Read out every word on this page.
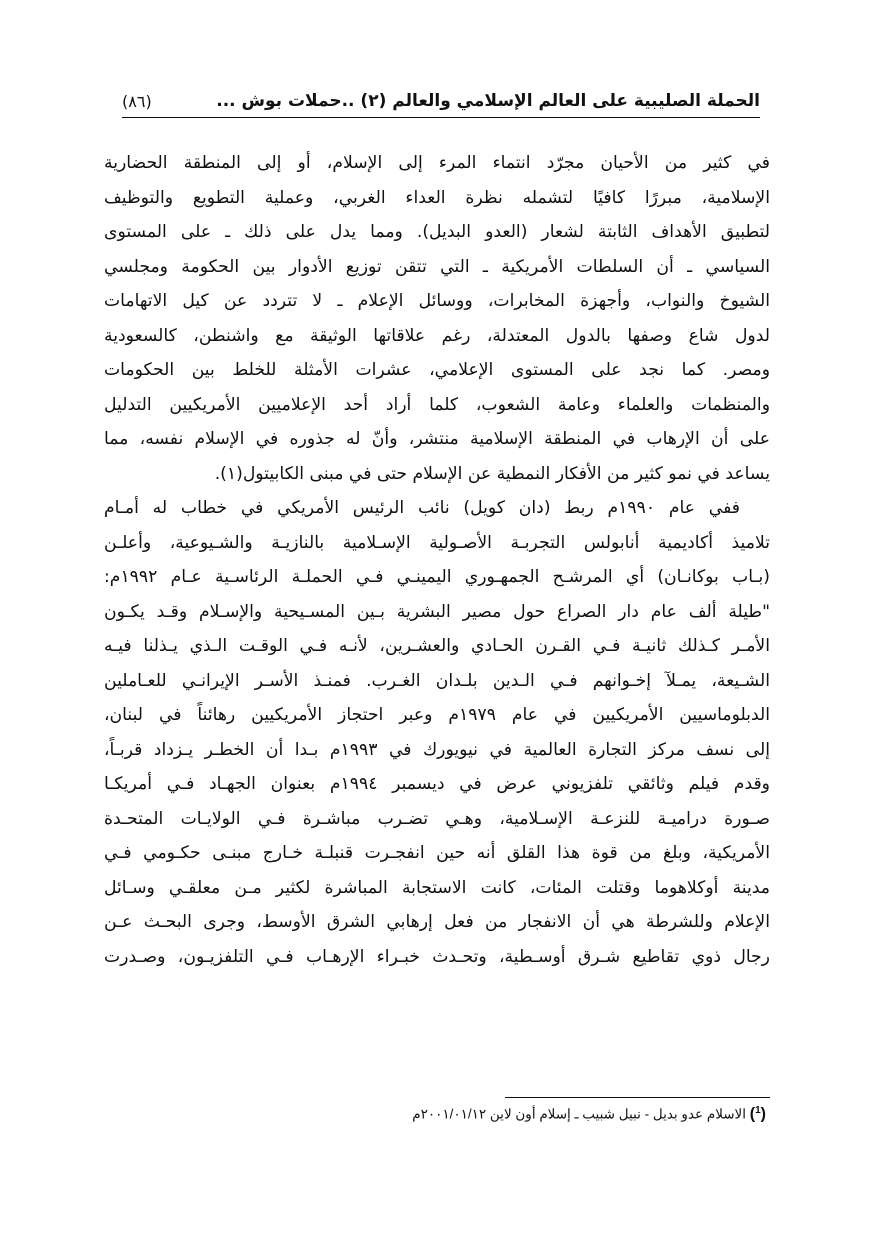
الحملة الصليبية على العالم الإسلامي والعالم (٢) ..حملات بوش ...
(٨٦)
في كثير من الأحيان مجرّد انتماء المرء إلى الإسلام، أو إلى المنطقة الحضارية
الإسلامية، مبررًا كافيًا لتشمله نظرة العداء الغربي، وعملية التطويع والتوظيف
لتطبيق الأهداف الثابتة لشعار (العدو البديل). ومما يدل على ذلك ـ على المستوى
السياسي ـ أن السلطات الأمريكية ـ التي تتقن توزيع الأدوار بين الحكومة ومجلسي
الشيوخ والنواب، وأجهزة المخابرات، ووسائل الإعلام ـ لا تتردد عن كيل الاتهامات
لدول شاع وصفها بالدول المعتدلة، رغم علاقاتها الوثيقة مع واشنطن، كالسعودية
ومصر. كما نجد على المستوى الإعلامي، عشرات الأمثلة للخلط بين الحكومات
والمنظمات والعلماء وعامة الشعوب، كلما أراد أحد الإعلاميين الأمريكيين التدليل
على أن الإرهاب في المنطقة الإسلامية منتشر، وأنّ له جذوره في الإسلام نفسه، مما
يساعد في نمو كثير من الأفكار النمطية عن الإسلام حتى في مبنى الكابيتول(١).
ففي عام ١٩٩٠م ربط (دان كويل) نائب الرئيس الأمريكي في خطاب له أمـام
تلاميذ أكاديمية أنابولس التجربـة الأصـولية الإسـلامية بالنازيـة والشـيوعية، وأعلـن
(بـاب بوكانـان) أي المرشـح الجمهـوري اليمينـي فـي الحملـة الرئاسـية عـام ١٩٩٢م:
"طيلة ألف عام دار الصراع حول مصير البشرية بـين المسـيحية والإسـلام وقـد يكـون
الأمـر كـذلك ثانيـة فـي القـرن الحـادي والعشـرين، لأنـه فـي الوقـت الـذي يـذلنا فيـه
الشـيعة، يمـلآ إخـوانهم فـي الـدين بلـدان الغـرب. فمنـذ الأسـر الإيرانـي للعـاملين
الدبلوماسيين الأمريكيين في عام ١٩٧٩م وعبر احتجاز الأمريكيين رهائناً في لبنان،
إلى نسف مركز التجارة العالمية في نيويورك في ١٩٩٣م بـدا أن الخطـر يـزداد قربـاً،
وقدم فيلم وثائقي تلفزيوني عرض في ديسمبر ١٩٩٤م بعنوان الجهـاد فـي أمريكـا
صـورة دراميـة للنزعـة الإسـلامية، وهـي تضـرب مباشـرة فـي الولايـات المتحـدة
الأمريكية، وبلغ من قوة هذا القلق أنه حين انفجـرت قنبلـة خـارج مبنـى حكـومي فـي
مدينة أوكلاهوما وقتلت المئات، كانت الاستجابة المباشرة لكثير مـن معلقـي وسـائل
الإعلام وللشرطة هي أن الانفجار من فعل إرهابي الشرق الأوسط، وجرى البحـث عـن
رجال ذوي تقاطيع شـرق أوسـطية، وتحـدث خبـراء الإرهـاب فـي التلفزيـون، وصـدرت
($^1$) الاسلام عدو بديل - نبيل شبيب ـ إسلام أون لاين ٢٠٠١/٠١/١٢م
